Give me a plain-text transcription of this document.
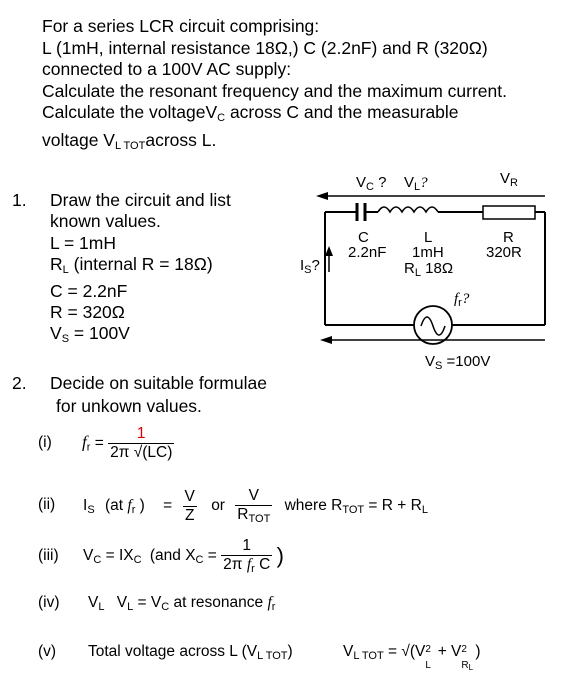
For a series LCR circuit comprising:
L (1mH, internal resistance 18Ω,) C (2.2nF) and R (320Ω)
connected to a 100V AC supply:
Calculate the resonant frequency and the maximum current.
Calculate the voltageV$_C$ across C and the measurable
voltage $V_{L TOT}across$ L.
1. Draw the circuit and list
known values.
L = 1mH
$R_L$ (internal R = 18Ω)
C = 2.2nF
R = 320Ω
$V_S = 100V$
$V_C$ ? $V_L$?	$V_R$
C
2.2nF
L
1mH
$R_L$ 18Ω
R
320R
$I_S$?
$f_r$?
$V_S =100V$
2. Decide on suitable formulae
for unkown values.
(i) $f_r = \frac{1}{2\pi √(LC)}$
(ii) $I_S$ (at $f_r$ ) = $\frac{V}{Z}$ or $\frac{V}{R_{TOT}}$ where $R_{TOT} = R + R_L$
(iii) $V_C = IX_C$ (and $X_C = \frac{1}{2\pi f_r C}$ )
(iv) $V_L$ $V_L = V_C$ at resonance $f_r$
(v) Total voltage across L $(V_{L TOT})$	$V_{L TOT} = √(V$ 2
L
+ V 2
$R_L$
)
